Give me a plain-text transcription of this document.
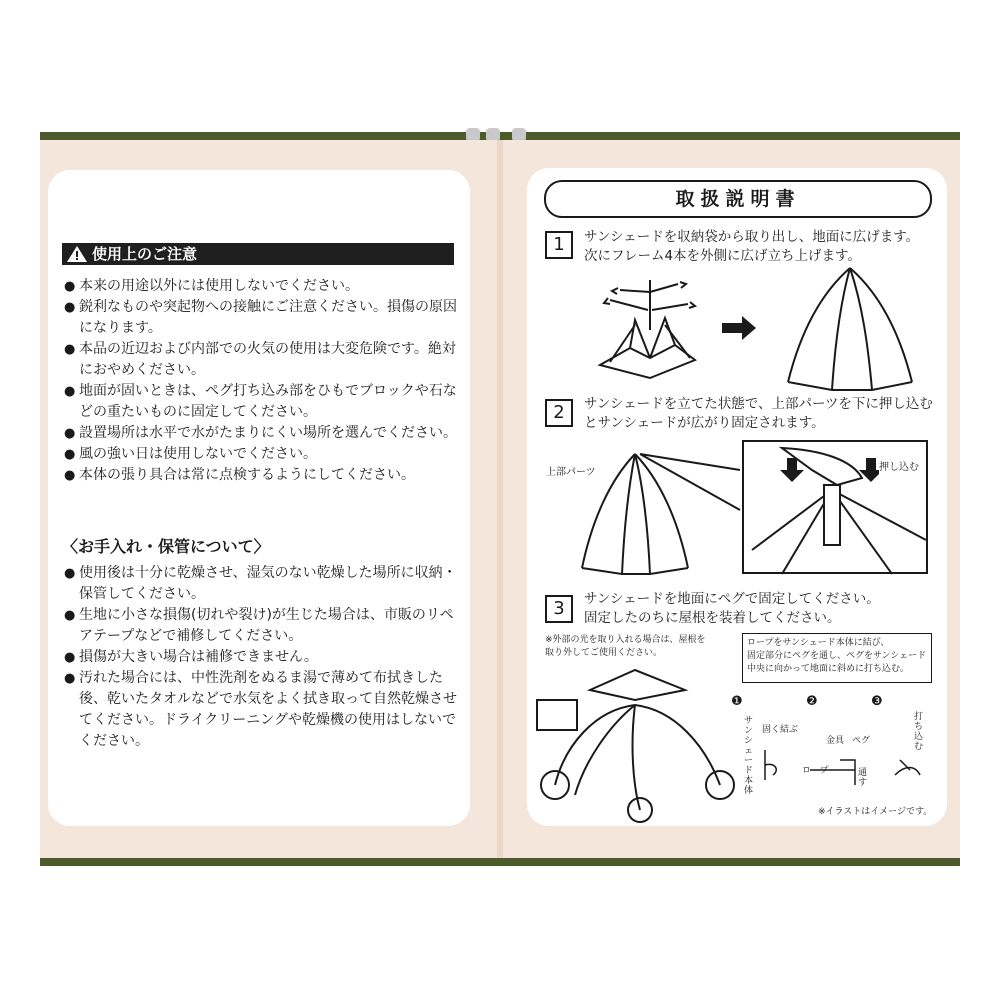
使用上のご注意
● 本来の用途以外には使用しないでください。
● 鋭利なものや突起物への接触にご注意ください。損傷の原因になります。
● 本品の近辺および内部での火気の使用は大変危険です。絶対におやめください。
● 地面が固いときは、ペグ打ち込み部をひもでブロックや石などの重たいものに固定してください。
● 設置場所は水平で水がたまりにくい場所を選んでください。
● 風の強い日は使用しないでください。
● 本体の張り具合は常に点検するようにしてください。
〈お手入れ・保管について〉
● 使用後は十分に乾燥させ、湿気のない乾燥した場所に収納・保管してください。
● 生地に小さな損傷(切れや裂け)が生じた場合は、市販のリペアテープなどで補修してください。
● 損傷が大きい場合は補修できません。
● 汚れた場合には、中性洗剤をぬるま湯で薄めて布拭きした後、乾いたタオルなどで水気をよく拭き取って自然乾燥させてください。ドライクリーニングや乾燥機の使用はしないでください。
取扱説明書
1	サンシェードを収納袋から取り出し、地面に広げます。
次にフレーム4本を外側に広げ立ち上げます。
2	サンシェードを立てた状態で、上部パーツを下に押し込む
とサンシェードが広がり固定されます。
上部パーツ	押し込む
3	サンシェードを地面にペグで固定してください。
固定したのちに屋根を装着してください。
※外部の光を取り入れる場合は、屋根を
取り外してご使用ください。
ロープをサンシェード本体に結び、
固定部分にペグを通し、ペグをサンシェード
中央に向かって地面に斜めに打ち込む。
❶	❷	❸
サンシェード本体
固く結ぶ
金具 ペグ
ロープ	通す
打ち込む
※イラストはイメージです。
